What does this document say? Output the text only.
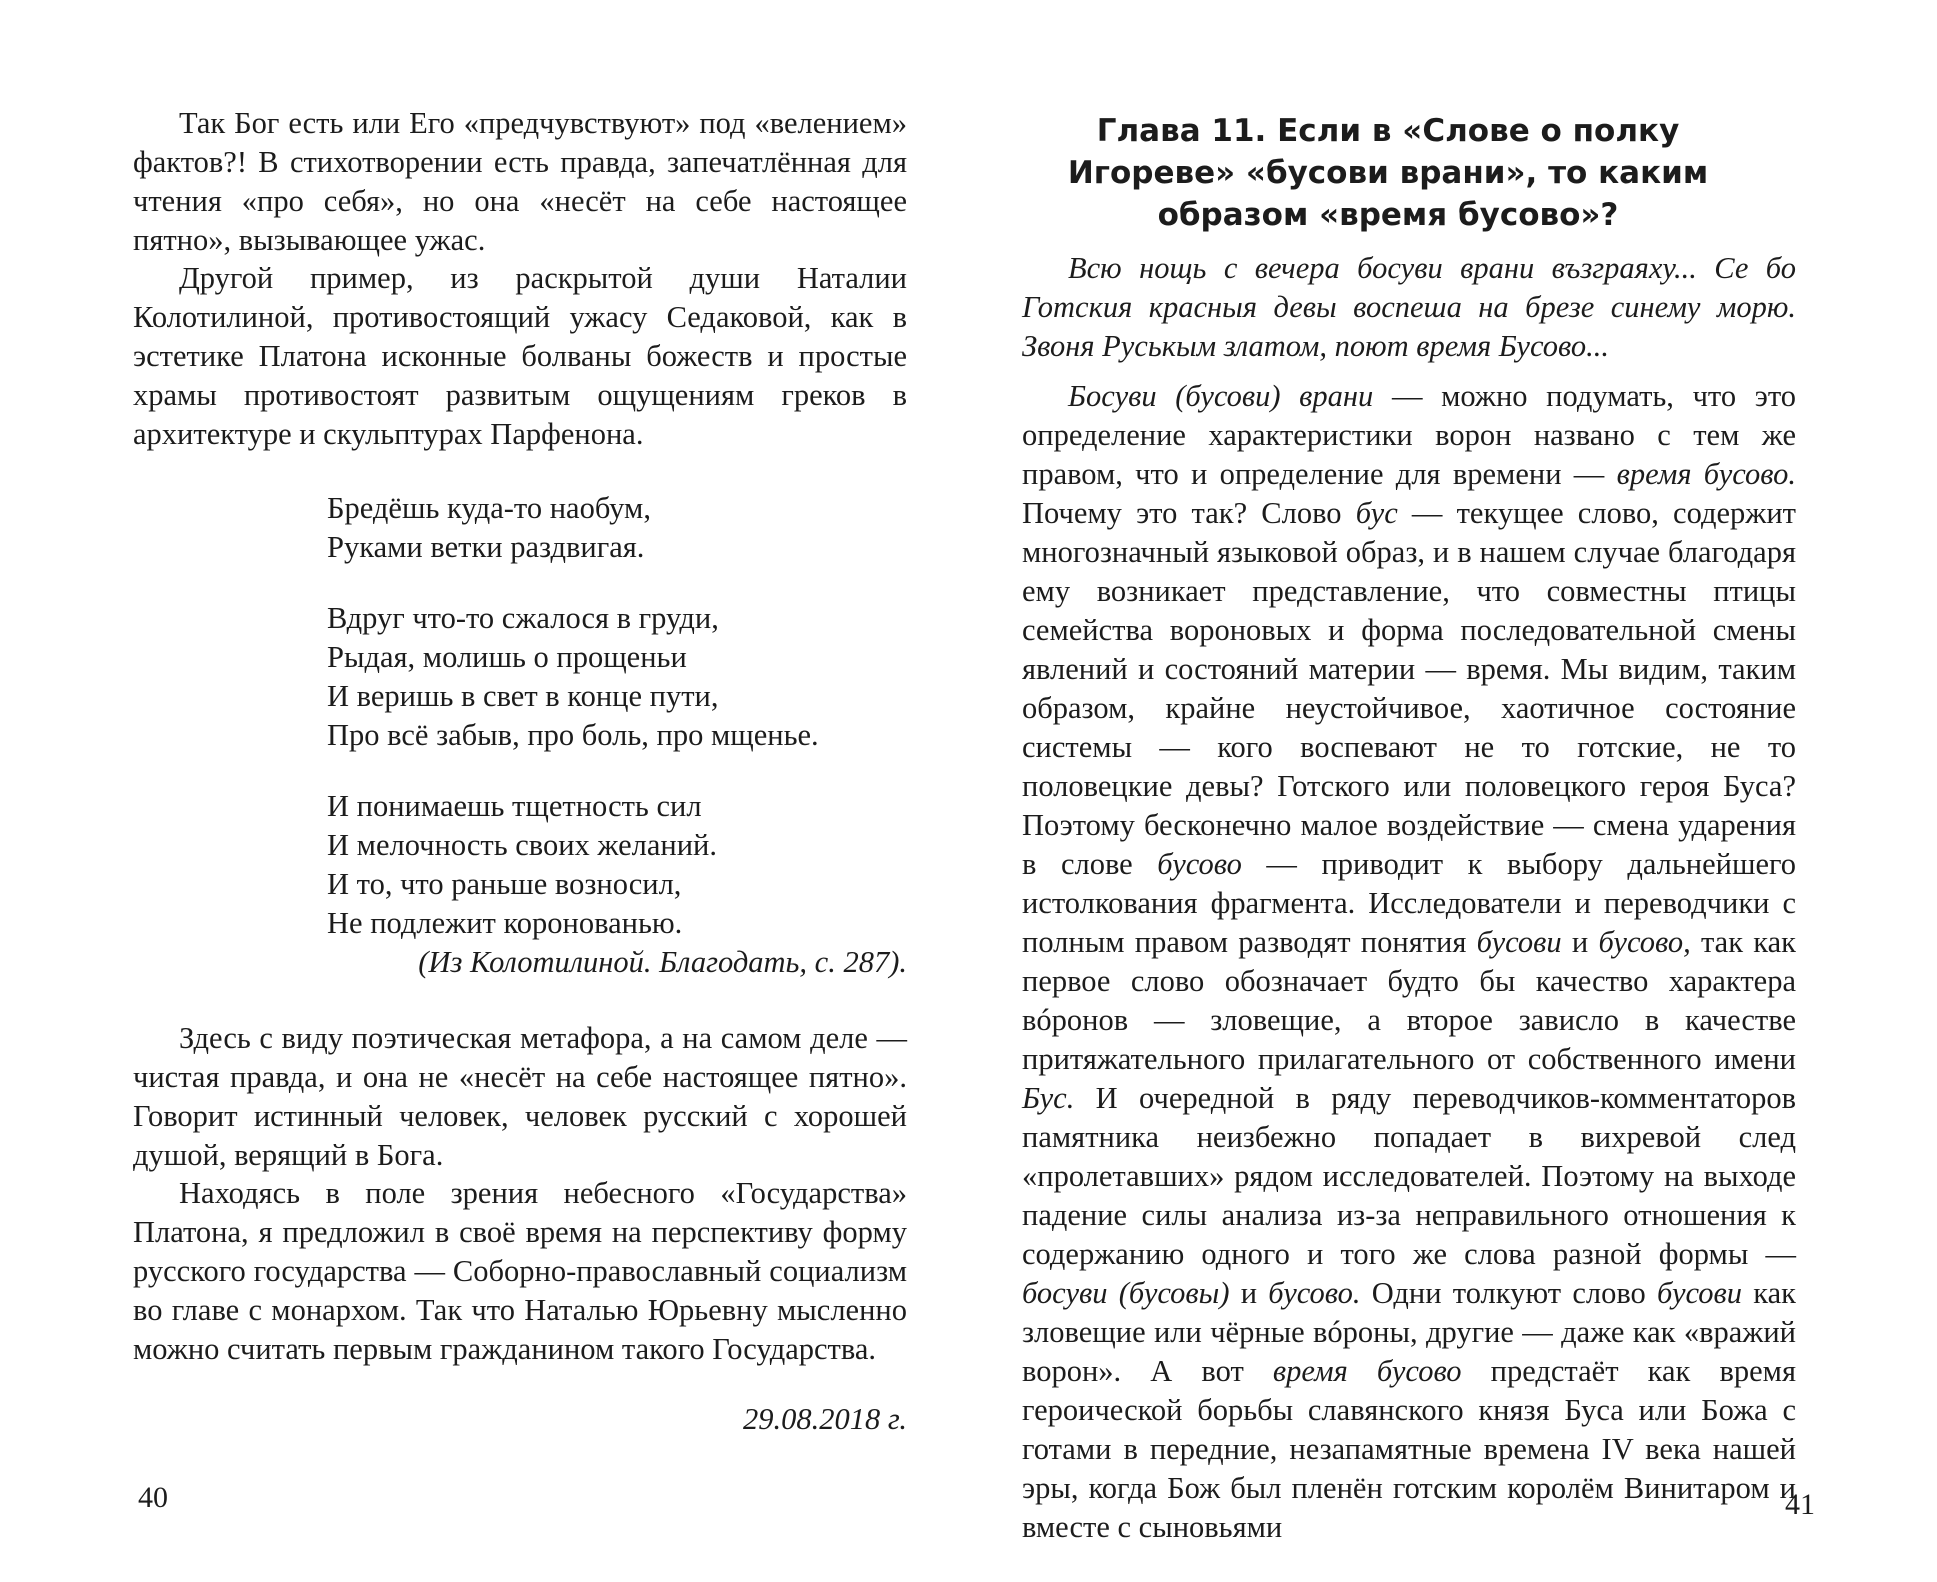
Так Бог есть или Его «предчувствуют» под «велением» фактов?! В стихотворении есть правда, запечатлённая для чтения «про себя», но она «несёт на себе настоящее пятно», вызывающее ужас.

Другой пример, из раскрытой души Наталии Колотилиной, противостоящий ужасу Седаковой, как в эстетике Платона исконные болваны божеств и простые храмы противостоят развитым ощущениям греков в архитектуре и скульптурах Парфенона.

Бредёшь куда-то наобум,
Руками ветки раздвигая.
Вдруг что-то сжалося в груди,
Рыдая, молишь о прощеньи
И веришь в свет в конце пути,
Про всё забыв, про боль, про мщенье.
И понимаешь тщетность сил
И мелочность своих желаний.
И то, что раньше возносил,
Не подлежит коронованью.
(Из Колотилиной. Благодать, с. 287).

Здесь с виду поэтическая метафора, а на самом деле — чистая правда, и она не «несёт на себе настоящее пятно». Говорит истинный человек, человек русский с хорошей душой, верящий в Бога.

Находясь в поле зрения небесного «Государства» Платона, я предложил в своё время на перспективу форму русского государства — Соборно-православный социализм во главе с монархом. Так что Наталью Юрьевну мысленно можно считать первым гражданином такого Государства.

29.08.2018 г.
40
Глава 11. Если в «Слове о полку Игореве» «бусови врани», то каким образом «время бусово»?

Всю нощь с вечера босуви врани възграяху... Се бо Готския красныя девы воспеша на брезе синему морю. Звоня Руськым златом, поют время Бусово...

Босуви (бусови) врани — можно подумать, что это определение характеристики ворон названо с тем же правом, что и определение для времени — время бусово. Почему это так? Слово бус — текущее слово, содержит многозначный языковой образ, и в нашем случае благодаря ему возникает представление, что совместны птицы семейства вороновых и форма последовательной смены явлений и состояний материи — время. Мы видим, таким образом, крайне неустойчивое, хаотичное состояние системы — кого воспевают не то готские, не то половецкие девы? Готского или половецкого героя Буса? Поэтому бесконечно малое воздействие — смена ударения в слове бусово — приводит к выбору дальнейшего истолкования фрагмента. Исследователи и переводчики с полным правом разводят понятия бусови и бусово, так как первое слово обозначает будто бы качество характера вóронов — зловещие, а второе зависло в качестве притяжательного прилагательного от собственного имени Бус. И очередной в ряду переводчиков-комментаторов памятника неизбежно попадает в вихревой след «пролетавших» рядом исследователей. Поэтому на выходе падение силы анализа из-за неправильного отношения к содержанию одного и того же слова разной формы — босуви (бусовы) и бусово. Одни толкуют слово бусови как зловещие или чёрные вóроны, другие — даже как «вражий ворон». А вот время бусово предстаёт как время героической борьбы славянского князя Буса или Божа с готами в передние, незапамятные времена IV века нашей эры, когда Бож был пленён готским королём Винитаром и вместе с сыновьями

41
